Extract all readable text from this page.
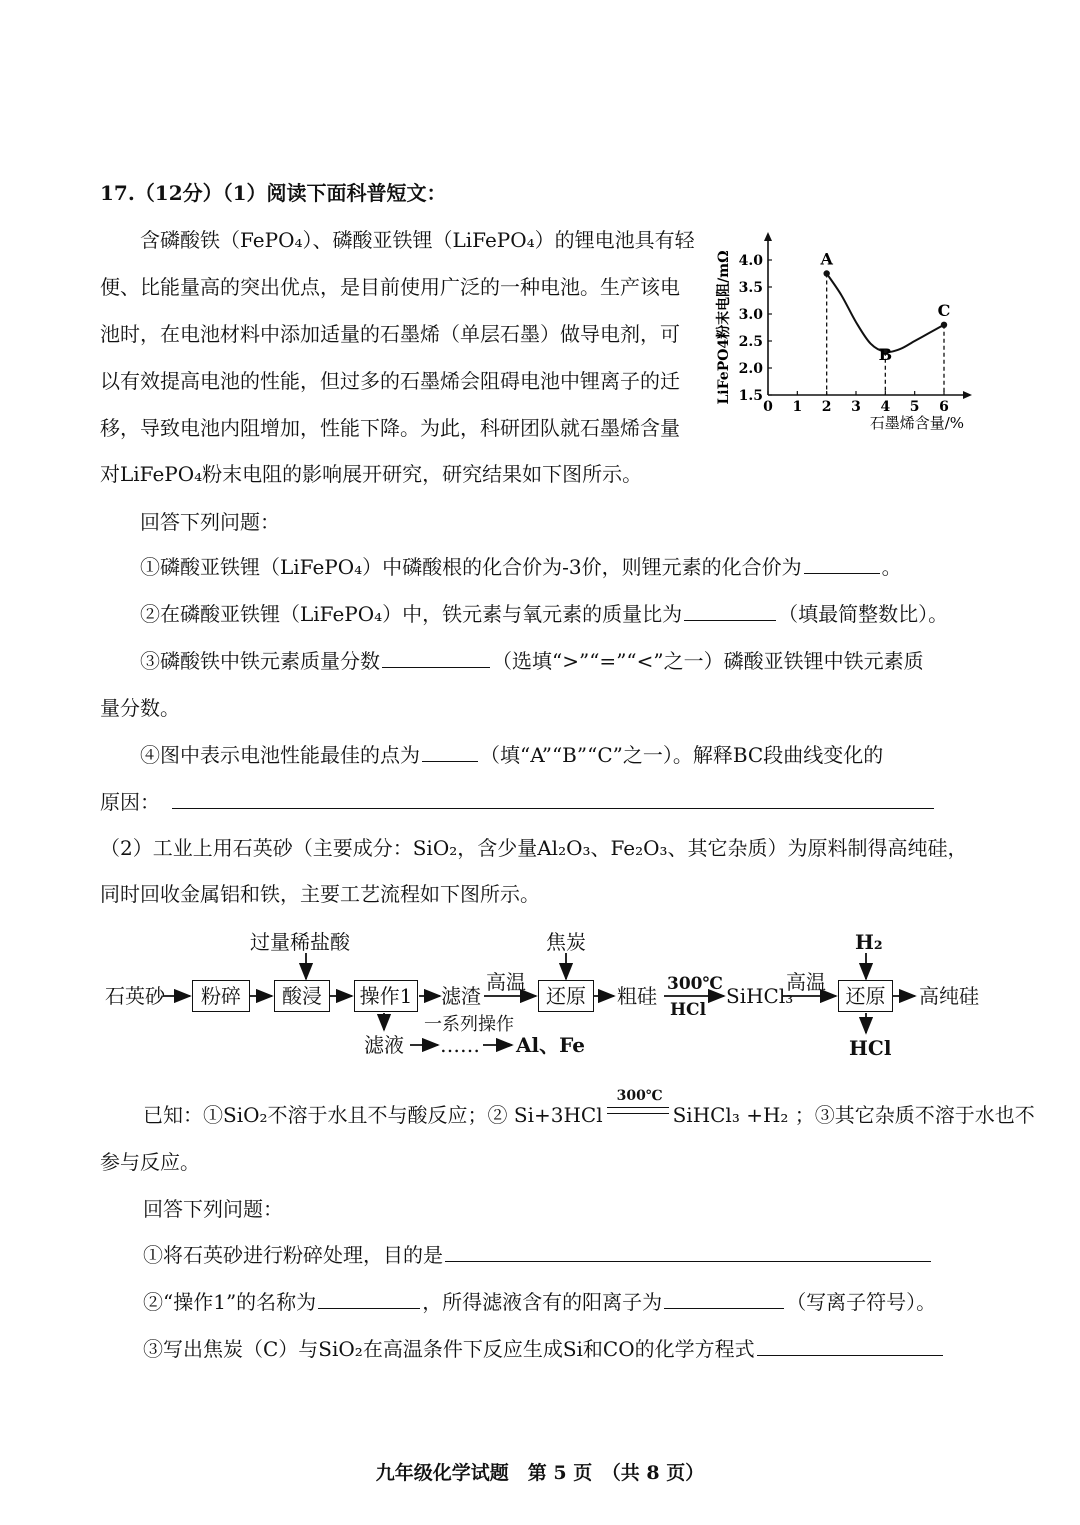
17.（12分）（1）阅读下面科普短文：
含磷酸铁（FePO₄）、磷酸亚铁锂（LiFePO₄）的锂电池具有轻
便、比能量高的突出优点，是目前使用广泛的一种电池。生产该电
池时，在电池材料中添加适量的石墨烯（单层石墨）做导电剂，可
以有效提高电池的性能，但过多的石墨烯会阻碍电池中锂离子的迁
移，导致电池内阻增加，性能下降。为此，科研团队就石墨烯含量
对LiFePO₄粉末电阻的影响展开研究，研究结果如下图所示。
0 1 2 3 4 5 6
1.5
2.0
2.5
3.0
3.5
4.0
LiFePO4粉末电阻/mΩ
石墨烯含量/%
A
B
C
回答下列问题：
①磷酸亚铁锂（LiFePO₄）中磷酸根的化合价为-3价，则锂元素的化合价为	。
②在磷酸亚铁锂（LiFePO₄）中，铁元素与氧元素的质量比为	（填最简整数比）。
③磷酸铁中铁元素质量分数	（选填“>”“=”“<”之一）磷酸亚铁锂中铁元素质
量分数。
④图中表示电池性能最佳的点为	（填“A”“B”“C”之一）。解释BC段曲线变化的
原因：
（2）工业上用石英砂（主要成分：SiO₂，含少量Al₂O₃、Fe₂O₃、其它杂质）为原料制得高纯硅，
同时回收金属铝和铁，主要工艺流程如下图所示。
石英砂	粉碎
过量稀盐酸
酸浸	操作1 滤渣
高温
焦炭
还原	粗硅 300℃
HCl
SiHCl₃
高温
H₂
还原	高纯硅
HCl
滤液
一系列操作
…… Al、Fe
已知：①SiO₂不溶于水且不与酸反应；② Si+3HCl
300℃
SiHCl₃ +H₂ ；③其它杂质不溶于水也不
参与反应。
回答下列问题：
①将石英砂进行粉碎处理，目的是
②“操作1”的名称为	，所得滤液含有的阳离子为	（写离子符号）。
③写出焦炭（C）与SiO₂在高温条件下反应生成Si和CO的化学方程式
九年级化学试题　第 5 页　（共 8 页）
